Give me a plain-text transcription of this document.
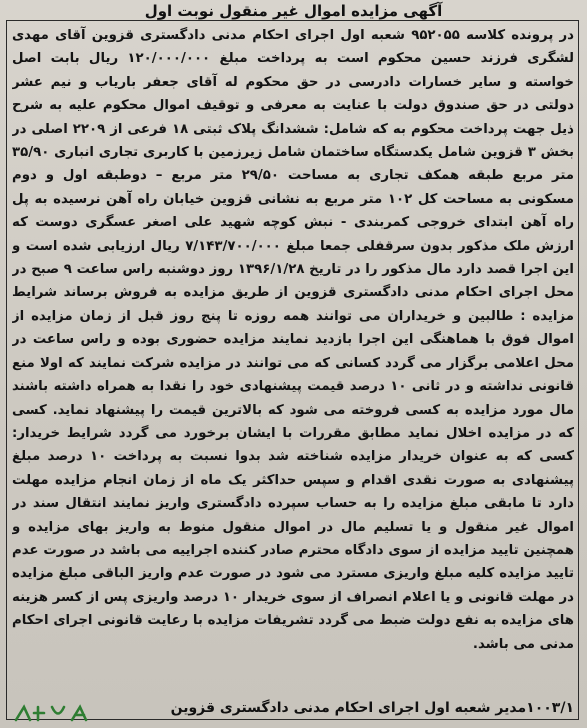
آگهی مزایده اموال غیر منقول نوبت اول

در پرونده کلاسه ۹۵۲۰۵۵ شعبه اول اجرای احکام مدنی دادگستری قزوین آقای مهدی لشگری فرزند حسین محکوم است به پرداخت مبلغ ۱۲۰/۰۰۰/۰۰۰ ریال بابت اصل خواسته و سایر خسارات دادرسی در حق محکوم له آقای جعفر باریاب و نیم عشر دولتی در حق صندوق دولت با عنایت به معرفی و توقیف اموال محکوم علیه به شرح ذیل جهت پرداخت محکوم به که شامل: ششدانگ پلاک ثبتی ۱۸ فرعی از ۲۲۰۹ اصلی در بخش ۳ قزوین شامل یکدستگاه ساختمان شامل زیرزمین با کاربری تجاری انباری ۳۵/۹۰ متر مربع طبقه همکف تجاری به مساحت ۲۹/۵۰ متر مربع – دوطبقه اول و دوم مسکونی به مساحت کل ۱۰۲ متر مربع به نشانی قزوین خیابان راه آهن نرسیده به پل راه آهن ابتدای خروجی کمربندی - نبش کوچه شهید علی اصغر عسگری دوست که ارزش ملک مذکور بدون سرقفلی جمعا مبلغ ۷/۱۴۳/۷۰۰/۰۰۰ ریال ارزیابی شده است و این اجرا قصد دارد مال مذکور را در تاریخ ۱۳۹۶/۱/۲۸ روز دوشنبه راس ساعت ۹ صبح در محل اجرای احکام مدنی دادگستری قزوین از طریق مزایده به فروش برساند شرایط مزایده : طالبین و خریداران می توانند همه روزه تا پنج روز قبل از زمان مزایده از اموال فوق با هماهنگی این اجرا بازدید نمایند مزایده حضوری بوده و راس ساعت در محل اعلامی برگزار می گردد کسانی که می توانند در مزایده شرکت نمایند که اولا منع قانونی نداشته و در ثانی ۱۰ درصد قیمت پیشنهادی خود را نقدا به همراه داشته باشند مال مورد مزایده به کسی فروخته می شود که بالاترین قیمت را پیشنهاد نماید. کسی که در مزایده اخلال نماید مطابق مقررات با ایشان برخورد می گردد شرایط خریدار: کسی که به عنوان خریدار مزایده شناخته شد بدوا نسبت به پرداخت ۱۰ درصد مبلغ پیشنهادی به صورت نقدی اقدام و سپس حداکثر یک ماه از زمان انجام مزایده مهلت دارد تا مابقی مبلغ مزایده را به حساب سپرده دادگستری واریز نمایند انتقال سند در اموال غیر منقول و یا تسلیم مال در اموال منقول منوط به واریز بهای مزایده و همچنین تایید مزایده از سوی دادگاه محترم صادر کننده اجراییه می باشد در صورت عدم تایید مزایده کلیه مبلغ واریزی مسترد می شود در صورت عدم واریز الباقی مبلغ مزایده در مهلت قانونی و یا اعلام انصراف از سوی خریدار ۱۰ درصد واریزی پس از کسر هزینه های مزایده به نفع دولت ضبط می گردد تشریفات مزایده با رعایت قانونی اجرای احکام مدنی می باشد.

۱۰۰۳/۱مدیر شعبه اول اجرای احکام مدنی دادگستری قزوین
